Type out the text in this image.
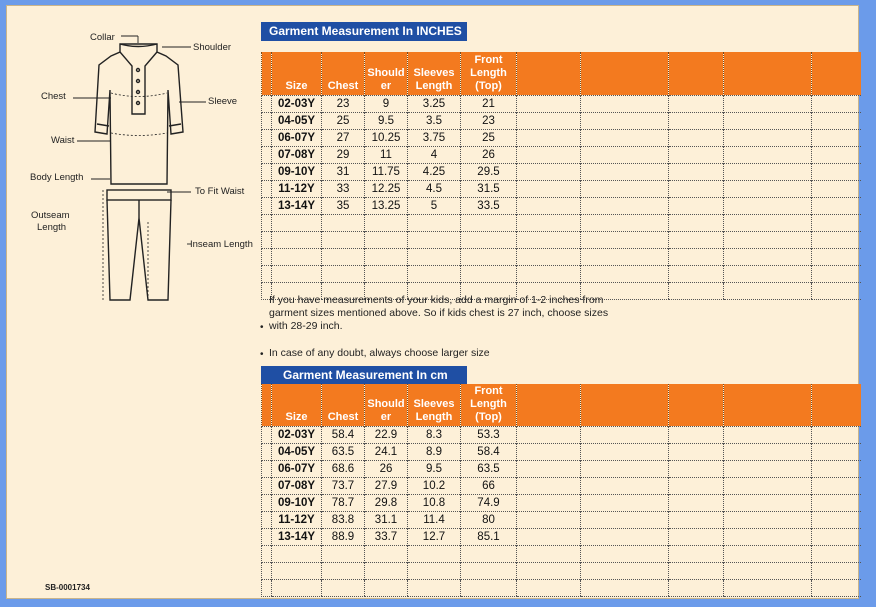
Collar
Shoulder
Chest	Sleeve
Waist
Body Length
To Fit Waist
Outseam
Length
Inseam Length
SB-0001734
Garment Measurement In INCHES
	Size	Chest	Should er	Sleeves Length	Front Length (Top)					
	02-03Y	23	9	3.25	21					
	04-05Y	25	9.5	3.5	23					
	06-07Y	27	10.25	3.75	25					
	07-08Y	29	11	4	26					
	09-10Y	31	11.75	4.25	29.5					
	11-12Y	33	12.25	4.5	31.5					
	13-14Y	35	13.25	5	33.5					

•
If you have measurements of your kids, add a margin of 1-2 inches from garment sizes mentioned above. So if kids chest is 27 inch, choose sizes with 28-29 inch.
• In case of any doubt, always choose larger size
Garment Measurement In cm
	Size	Chest	Should er	Sleeves Length	Front Length (Top)					
	02-03Y	58.4	22.9	8.3	53.3					
	04-05Y	63.5	24.1	8.9	58.4					
	06-07Y	68.6	26	9.5	63.5					
	07-08Y	73.7	27.9	10.2	66					
	09-10Y	78.7	29.8	10.8	74.9					
	11-12Y	83.8	31.1	11.4	80					
	13-14Y	88.9	33.7	12.7	85.1					
